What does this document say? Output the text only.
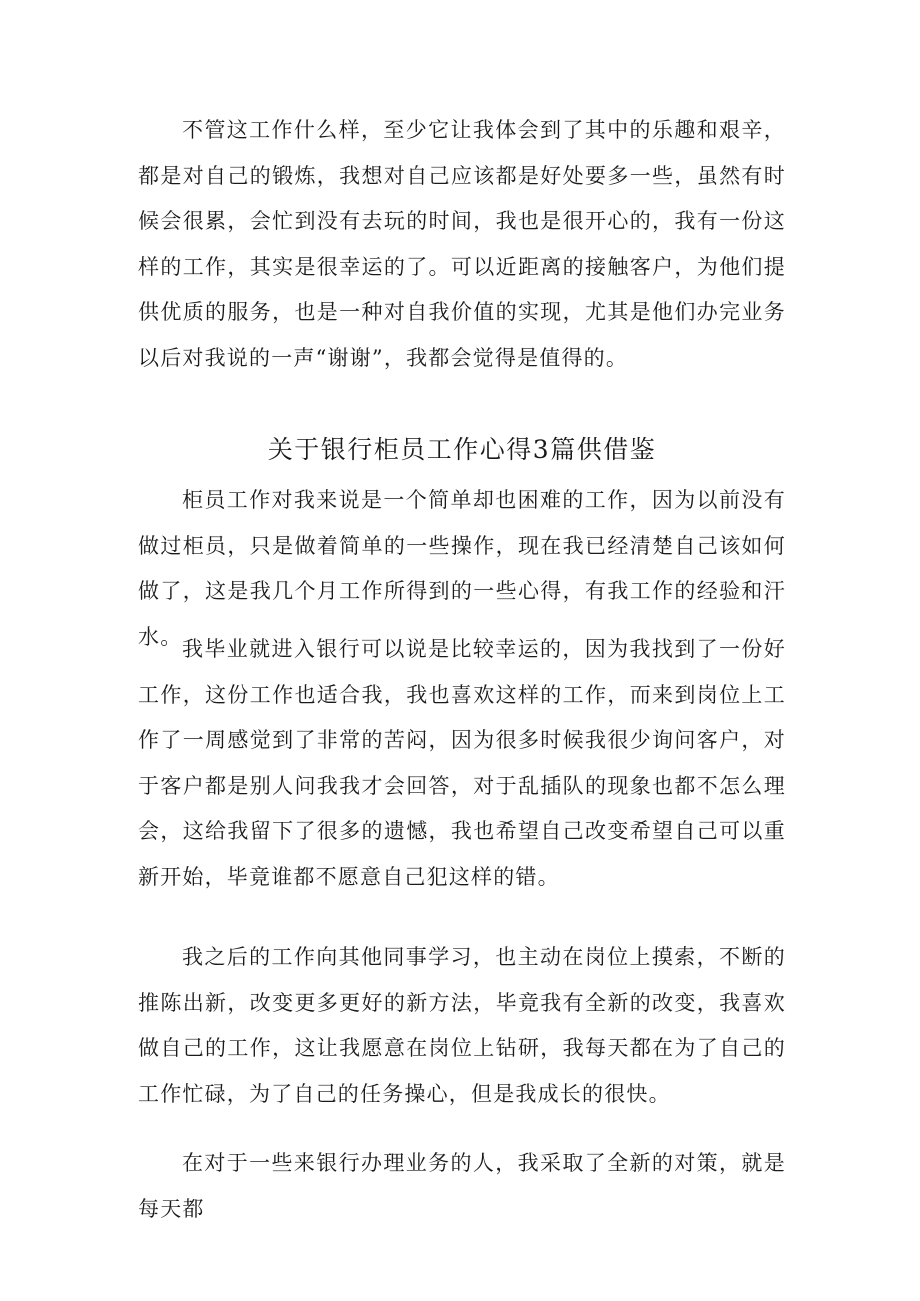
不管这工作什么样，至少它让我体会到了其中的乐趣和艰辛，都是对自己的锻炼，我想对自己应该都是好处要多一些，虽然有时候会很累，会忙到没有去玩的时间，我也是很开心的，我有一份这样的工作，其实是很幸运的了。可以近距离的接触客户，为他们提供优质的服务，也是一种对自我价值的实现，尤其是他们办完业务以后对我说的一声“谢谢”，我都会觉得是值得的。

关于银行柜员工作心得3篇供借鉴

柜员工作对我来说是一个简单却也困难的工作，因为以前没有做过柜员，只是做着简单的一些操作，现在我已经清楚自己该如何做了，这是我几个月工作所得到的一些心得，有我工作的经验和汗水。

我毕业就进入银行可以说是比较幸运的，因为我找到了一份好工作，这份工作也适合我，我也喜欢这样的工作，而来到岗位上工作了一周感觉到了非常的苦闷，因为很多时候我很少询问客户，对于客户都是别人问我我才会回答，对于乱插队的现象也都不怎么理会，这给我留下了很多的遗憾，我也希望自己改变希望自己可以重新开始，毕竟谁都不愿意自己犯这样的错。

我之后的工作向其他同事学习，也主动在岗位上摸索，不断的推陈出新，改变更多更好的新方法，毕竟我有全新的改变，我喜欢做自己的工作，这让我愿意在岗位上钻研，我每天都在为了自己的工作忙碌，为了自己的任务操心，但是我成长的很快。

在对于一些来银行办理业务的人，我采取了全新的对策，就是每天都
